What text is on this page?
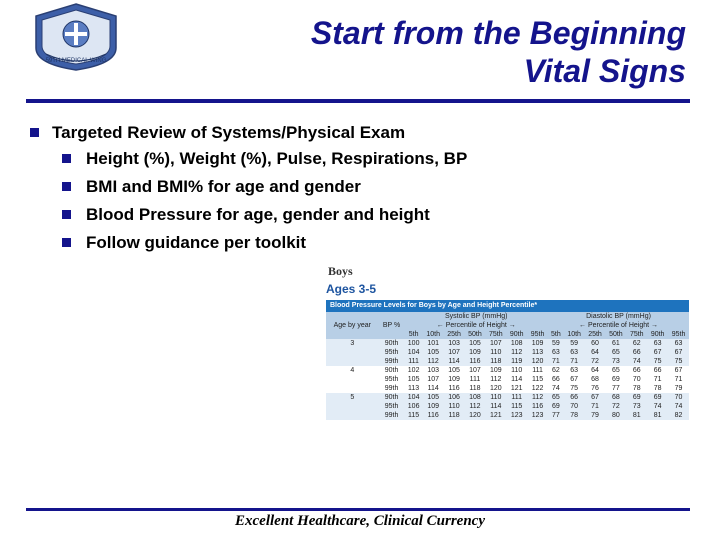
59TH MEDICAL WING
Start from the Beginning
Vital Signs
Targeted Review of Systems/Physical Exam
Height (%), Weight (%), Pulse, Respirations, BP
BMI and BMI% for age and gender
Blood Pressure for age, gender and height
Follow guidance per toolkit
Boys
Ages 3-5
Blood Pressure Levels for Boys by Age and Height Percentile*
Age by year	BP %	Systolic BP (mmHg)							Diastolic BP (mmHg)						
		← Percentile of Height →							← Percentile of Height →						
		5th	10th	25th	50th	75th	90th	95th	5th	10th	25th	50th	75th	90th	95th
3	90th	100	101	103	105	107	108	109	59	59	60	61	62	63	63
	95th	104	105	107	109	110	112	113	63	63	64	65	66	67	67
	99th	111	112	114	116	118	119	120	71	71	72	73	74	75	75
4	90th	102	103	105	107	109	110	111	62	63	64	65	66	66	67
	95th	105	107	109	111	112	114	115	66	67	68	69	70	71	71
	99th	113	114	116	118	120	121	122	74	75	76	77	78	78	79
5	90th	104	105	106	108	110	111	112	65	66	67	68	69	69	70
	95th	106	109	110	112	114	115	116	69	70	71	72	73	74	74
	99th	115	116	118	120	121	123	123	77	78	79	80	81	81	82
Excellent Healthcare, Clinical Currency
